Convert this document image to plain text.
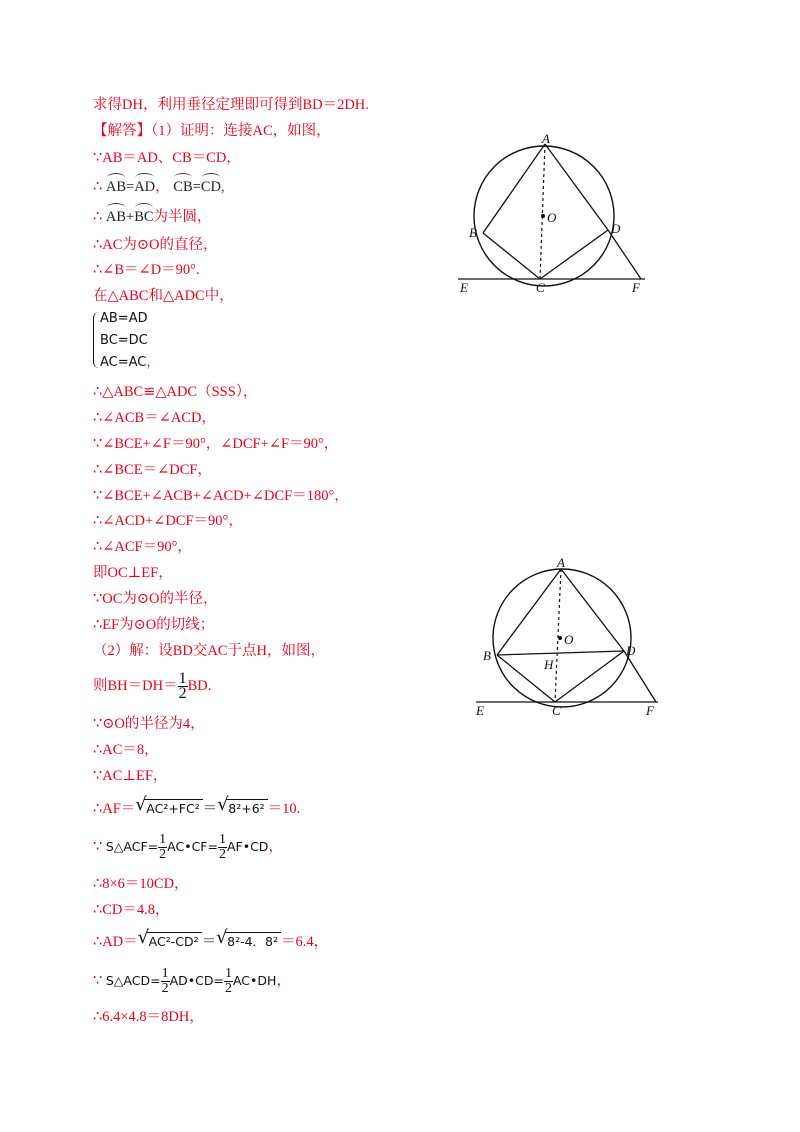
求得DH，利用垂径定理即可得到BD＝2DH.
【解答】（1）证明：连接AC，如图，
∵AB＝AD、CB＝CD，
∴ AB=AD， CB=CD,
∴ AB+BC为半圆，
∴AC为⊙O的直径，
∴∠B＝∠D＝90°.
在△ABC和△ADC中，
AB=AD
BC=DC
AC=AC，
∴△ABC≌△ADC（SSS），
∴∠ACB＝∠ACD，
∵∠BCE+∠F＝90°，∠DCF+∠F＝90°，
∴∠BCE＝∠DCF，
∵∠BCE+∠ACB+∠ACD+∠DCF＝180°，
∴∠ACD+∠DCF＝90°，
∴∠ACF＝90°，
即OC⊥EF，
∵OC为⊙O的半径，
∴EF为⊙O的切线；
（2）解：设BD交AC于点H，如图，
则$BH=DH= \frac{1}{2}$ BD.
∵⊙O的半径为4，
∴AC＝8，
∵AC⊥EF，
∴AF＝ √ AC²+FC² ＝ √ 8²+6² ＝10.
∵ S△ACF= $\frac{1}{2}$ AC•CF= $\frac{1}{2}$ AF•CD，
∴8×6＝10CD，
∴CD＝4.8，
∴AD＝ √ AC²-CD² ＝ √ 8²-4．8² ＝6.4，
∵ S△ACD= $\frac{1}{2}$ AD•CD= $\frac{1}{2}$ AC•DH，
∴6.4×4.8＝8DH，
A
B
C
D
E	F
O
A
B
C
D
E	F
O
H
